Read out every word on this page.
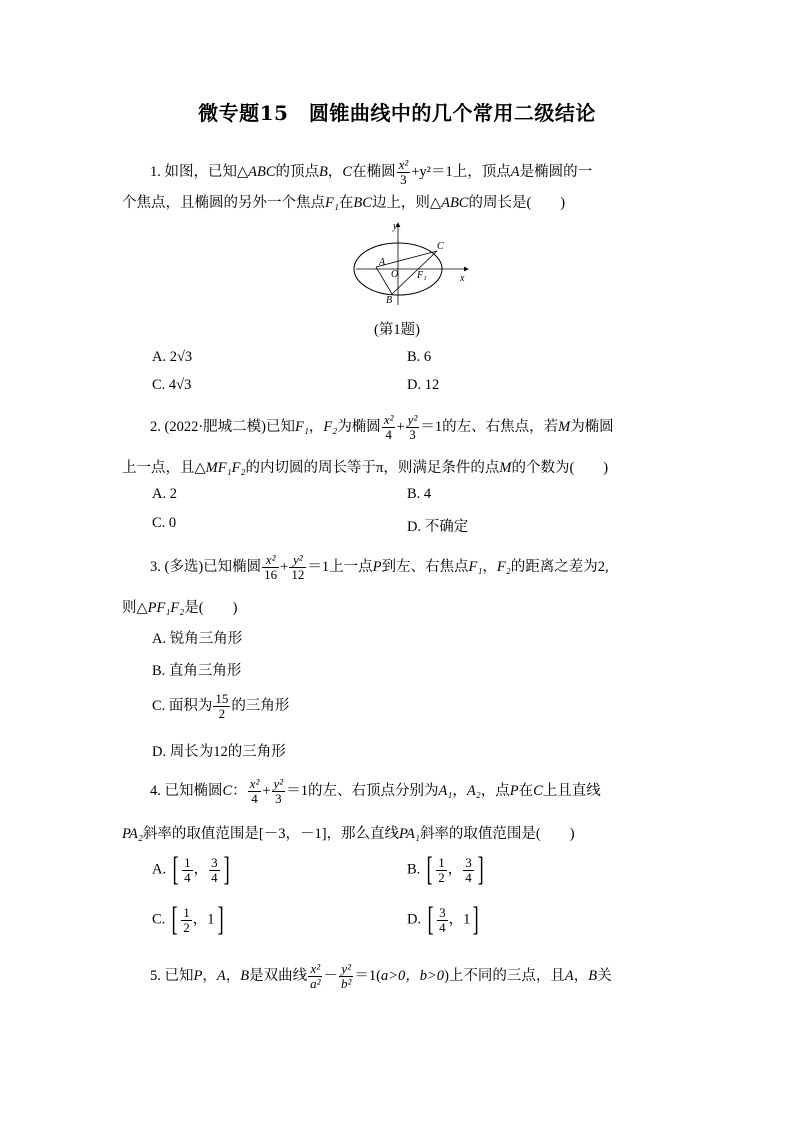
微专题15　圆锥曲线中的几个常用二级结论
1. 如图，已知△ABC的顶点B，C在椭圆 $\frac{\text{x²}}{3} +y^2=1$上，顶点A是椭圆的一
个焦点，且椭圆的另外一个焦点F₁在BC边上，则△ABC的周长是(　　)
y
x
A
O
C
F₁
B
(第1题)
A. 2√3	B. 6
C. 4√3	D. 12
2. (2022·肥城二模)已知F₁，F₂为椭圆 $\frac{\text{x²}}{4} + \frac{\text{y²}}{3} =1$的左、右焦点，若M为椭圆
上一点，且△MF₁F₂的内切圆的周长等于π，则满足条件的点M的个数为(　　)
A. 2	B. 4
C. 0	D. 不确定
3. (多选)已知椭圆 $\frac{\text{x²}}{16} + \frac{\text{y²}}{12} =1$上一点P到左、右焦点F₁，F₂的距离之差为2,
则△PF₁F₂是(　　)
A. 锐角三角形
B. 直角三角形
C. 面积为 $\frac{15}{2}$ 的三角形
D. 周长为12的三角形
4. 已知椭圆C： $\frac{\text{x²}}{4} + \frac{\text{y²}}{3} =1$的左、右顶点分别为A₁，A₂，点P在C上且直线
PA₂斜率的取值范围是[－3，－1]，那么直线PA₁斜率的取值范围是(　　)
A. [ $\frac{1}{4}$ ， $\frac{3}{4}$ ]	B. [ $\frac{1}{2}$ ， $\frac{3}{4}$ ]
C. [ $\frac{1}{2}$ ，1]	D. [ $\frac{3}{4}$ ，1]
5. 已知P，A，B是双曲线 $\frac{\text{x²}}{\text{a²}} - \frac{\text{y²}}{\text{b²}} =1(a>0$，b>0)上不同的三点，且A，B关
